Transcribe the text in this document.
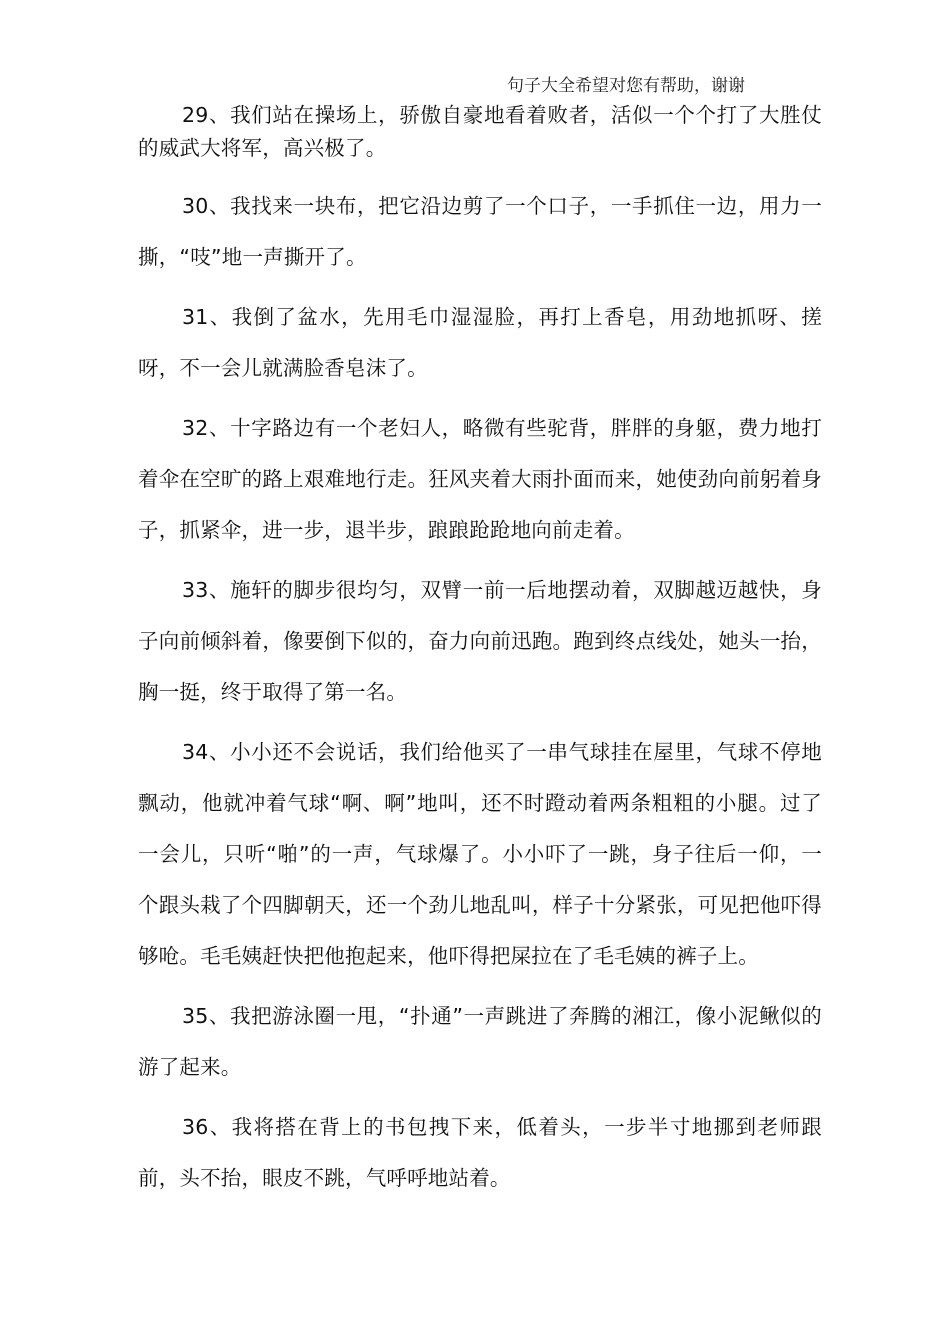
句子大全希望对您有帮助，谢谢

29、我们站在操场上，骄傲自豪地看着败者，活似一个个打了大胜仗的威武大将军，高兴极了。

30、我找来一块布，把它沿边剪了一个口子，一手抓住一边，用力一撕，“吱”地一声撕开了。

31、我倒了盆水，先用毛巾湿湿脸，再打上香皂，用劲地抓呀、搓呀，不一会儿就满脸香皂沫了。

32、十字路边有一个老妇人，略微有些驼背，胖胖的身躯，费力地打着伞在空旷的路上艰难地行走。狂风夹着大雨扑面而来，她使劲向前躬着身子，抓紧伞，进一步，退半步，踉踉跄跄地向前走着。

33、施轩的脚步很均匀，双臂一前一后地摆动着，双脚越迈越快，身子向前倾斜着，像要倒下似的，奋力向前迅跑。跑到终点线处，她头一抬，胸一挺，终于取得了第一名。

34、小小还不会说话，我们给他买了一串气球挂在屋里，气球不停地飘动，他就冲着气球“啊、啊”地叫，还不时蹬动着两条粗粗的小腿。过了一会儿，只听“啪”的一声，气球爆了。小小吓了一跳，身子往后一仰，一个跟头栽了个四脚朝天，还一个劲儿地乱叫，样子十分紧张，可见把他吓得够呛。毛毛姨赶快把他抱起来，他吓得把屎拉在了毛毛姨的裤子上。

35、我把游泳圈一甩，“扑通”一声跳进了奔腾的湘江，像小泥鳅似的游了起来。

36、我将搭在背上的书包拽下来，低着头，一步半寸地挪到老师跟前，头不抬，眼皮不跳，气呼呼地站着。
